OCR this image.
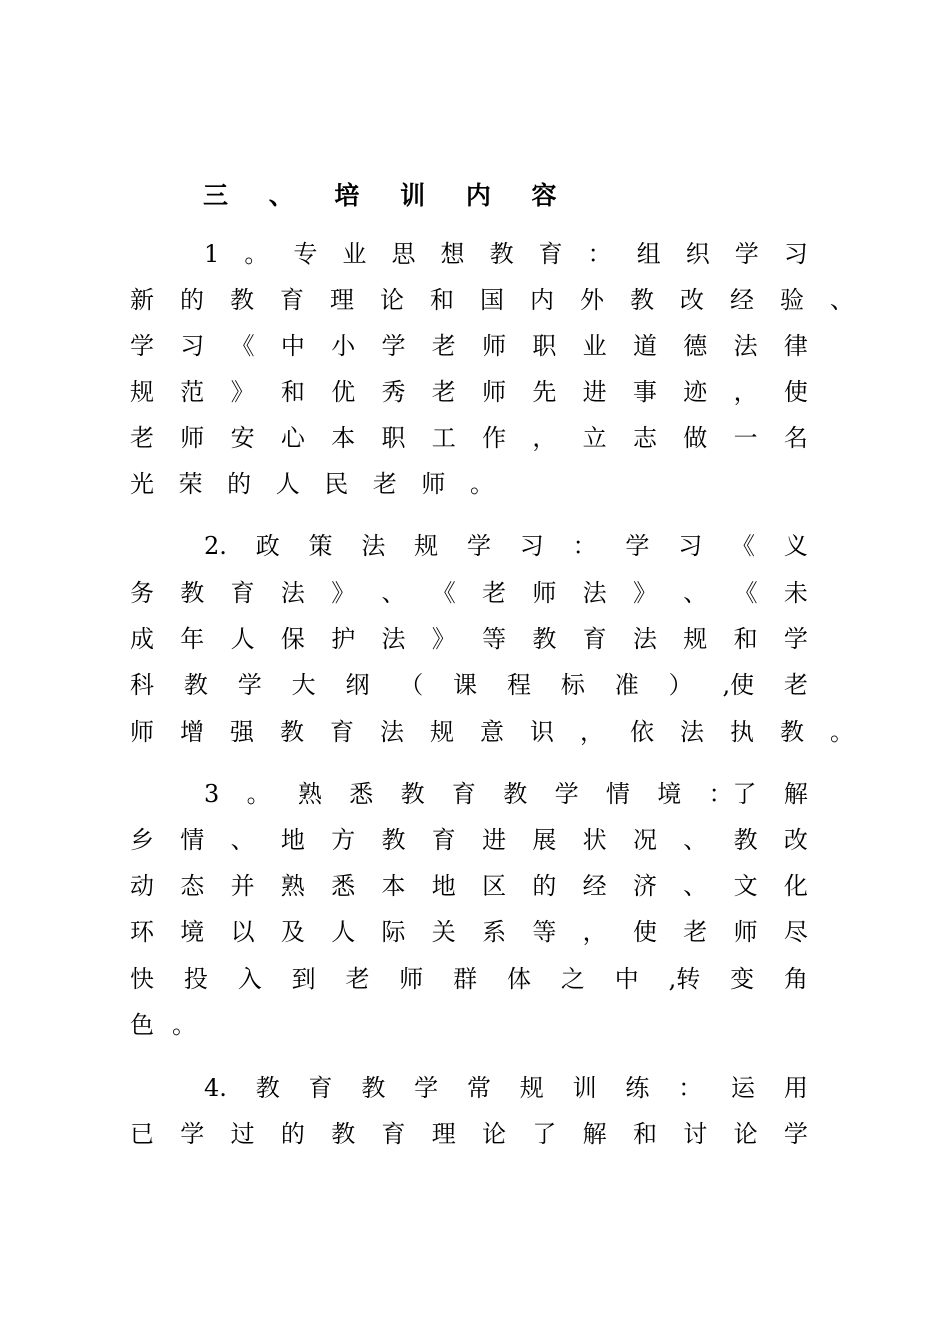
三 、 培 训 内 容
1 。 专 业 思 想 教 育 ： 组 织 学 习
新 的 教 育 理 论 和 国 内 外 教 改 经 验 、
学 习 《 中 小 学 老 师 职 业 道 德 法 律
规 范 》 和 优 秀 老 师 先 进 事 迹 ， 使
老 师 安 心 本 职 工 作 ， 立 志 做 一 名
光 荣 的 人 民 老 师 。
2. 政 策 法 规 学 习 ： 学 习 《 义
务 教 育 法 》 、 《 老 师 法 》 、 《 未
成 年 人 保 护 法 》 等 教 育 法 规 和 学
科 教 学 大 纲 （ 课 程 标 准 ） ,使 老
师 增 强 教 育 法 规 意 识 ， 依 法 执 教 。
3 。 熟 悉 教 育 教 学 情 境 ：了 解
乡 情 、 地 方 教 育 进 展 状 况 、 教 改
动 态 并 熟 悉 本 地 区 的 经 济 、 文 化
环 境 以 及 人 际 关 系 等 ， 使 老 师 尽
快 投 入 到 老 师 群 体 之 中 ,转 变 角
色 。
4. 教 育 教 学 常 规 训 练 ： 运 用
已 学 过 的 教 育 理 论 了 解 和 讨 论 学
